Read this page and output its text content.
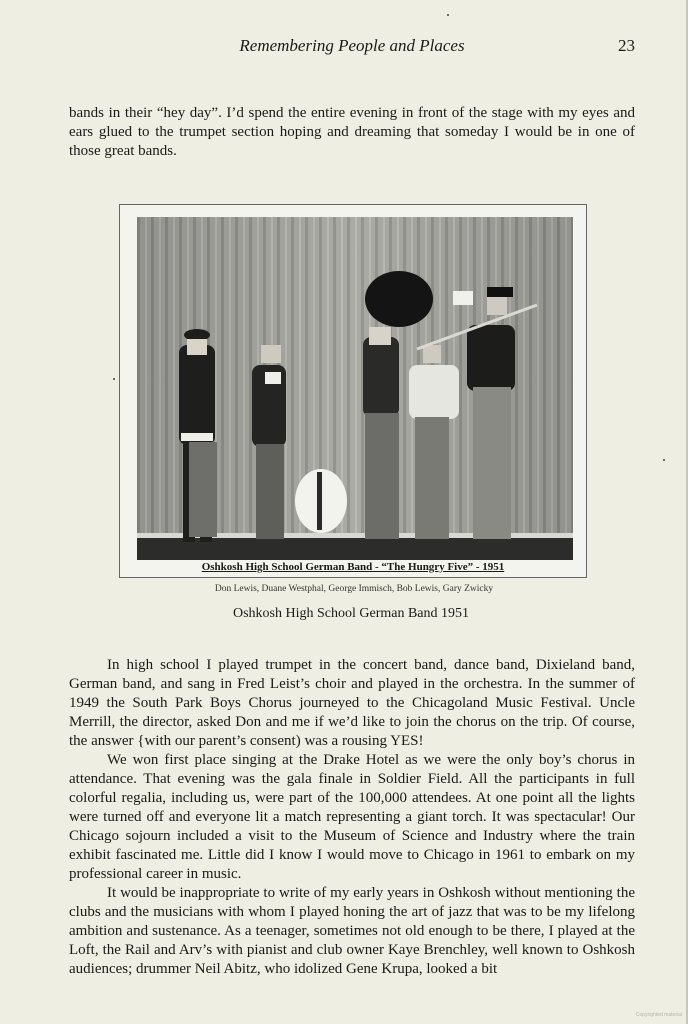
Remembering People and Places	23
bands in their “hey day”. I’d spend the entire evening in front of the stage with my eyes and ears glued to the trumpet section hoping and dreaming that someday I would be in one of those great bands.
Oshkosh High School German Band - “The Hungry Five” - 1951
Don Lewis, Duane Westphal, George Immisch, Bob Lewis, Gary Zwicky
Oshkosh High School German Band 1951

In high school I played trumpet in the concert band, dance band, Dixieland band, German band, and sang in Fred Leist’s choir and played in the orchestra. In the summer of 1949 the South Park Boys Chorus journeyed to the Chicagoland Music Festival. Uncle Merrill, the director, asked Don and me if we’d like to join the chorus on the trip. Of course, the answer {with our parent’s consent) was a rousing YES!

We won first place singing at the Drake Hotel as we were the only boy’s chorus in attendance. That evening was the gala finale in Soldier Field. All the participants in full colorful regalia, including us, were part of the 100,000 attendees. At one point all the lights were turned off and everyone lit a match representing a giant torch. It was spectacular! Our Chicago sojourn included a visit to the Museum of Science and Industry where the train exhibit fascinated me. Little did I know I would move to Chicago in 1961 to embark on my professional career in music.

It would be inappropriate to write of my early years in Oshkosh without mentioning the clubs and the musicians with whom I played honing the art of jazz that was to be my lifelong ambition and sustenance. As a teenager, sometimes not old enough to be there, I played at the Loft, the Rail and Arv’s with pianist and club owner Kaye Brenchley, well known to Oshkosh audiences; drummer Neil Abitz, who idolized Gene Krupa, looked a bit

Copyrighted material
